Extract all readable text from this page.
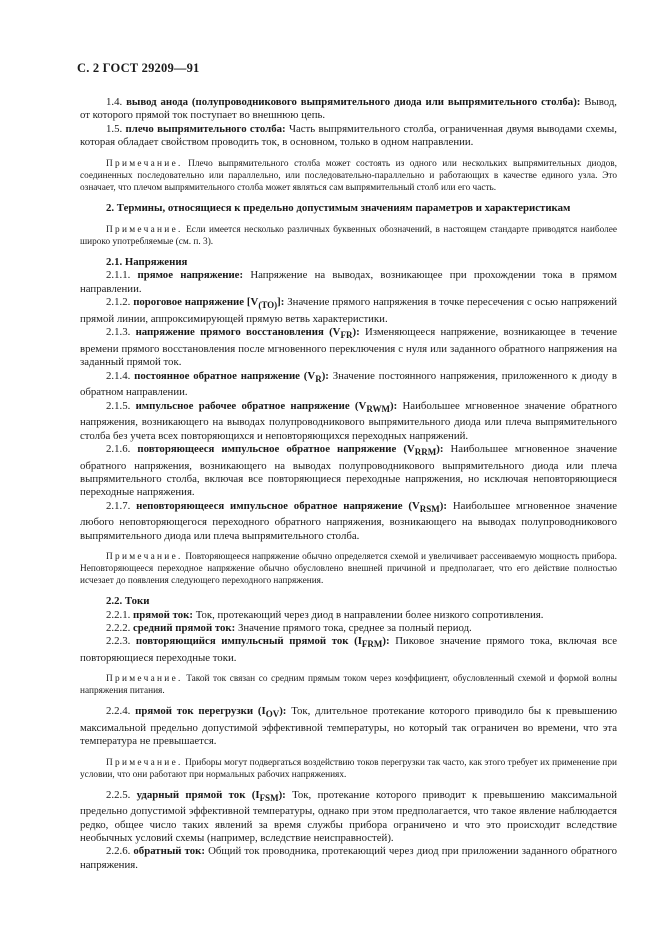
С. 2 ГОСТ 29209—91

1.4. вывод анода (полупроводникового выпрямительного диода или выпрямительного столба): Вывод, от которого прямой ток поступает во внешнюю цепь.

1.5. плечо выпрямительного столба: Часть выпрямительного столба, ограниченная двумя выводами схемы, которая обладает свойством проводить ток, в основном, только в одном направлении.

Примечание. Плечо выпрямительного столба может состоять из одного или нескольких выпрямительных диодов, соединенных последовательно или параллельно, или последовательно-параллельно и работающих в качестве единого узла. Это означает, что плечом выпрямительного столба может являться сам выпрямительный столб или его часть.

2. Термины, относящиеся к предельно допустимым значениям параметров и характеристикам

Примечание. Если имеется несколько различных буквенных обозначений, в настоящем стандарте приводятся наиболее широко употребляемые (см. п. 3).

2.1. Напряжения

2.1.1. прямое напряжение: Напряжение на выводах, возникающее при прохождении тока в прямом направлении.

2.1.2. пороговое напряжение $[V_{(TO)}]$: Значение прямого напряжения в точке пересечения с осью напряжений прямой линии, аппроксимирующей прямую ветвь характеристики.

2.1.3. напряжение прямого восстановления $(V_{FR})$: Изменяющееся напряжение, возникающее в течение времени прямого восстановления после мгновенного переключения с нуля или заданного обратного напряжения на заданный прямой ток.

2.1.4. постоянное обратное напряжение $(V_R)$: Значение постоянного напряжения, приложенного к диоду в обратном направлении.

2.1.5. импульсное рабочее обратное напряжение $(V_{RWM})$: Наибольшее мгновенное значение обратного напряжения, возникающего на выводах полупроводникового выпрямительного диода или плеча выпрямительного столба без учета всех повторяющихся и неповторяющихся переходных напряжений.

2.1.6. повторяющееся импульсное обратное напряжение $(V_{RRM})$: Наибольшее мгновенное значение обратного напряжения, возникающего на выводах полупроводникового выпрямительного диода или плеча выпрямительного столба, включая все повторяющиеся переходные напряжения, но исключая неповторяющиеся переходные напряжения.

2.1.7. неповторяющееся импульсное обратное напряжение $(V_{RSM})$: Наибольшее мгновенное значение любого неповторяющегося переходного обратного напряжения, возникающего на выводах полупроводникового выпрямительного диода или плеча выпрямительного столба.

Примечание. Повторяющееся напряжение обычно определяется схемой и увеличивает рассеиваемую мощность прибора. Неповторяющееся переходное напряжение обычно обусловлено внешней причиной и предполагает, что его действие полностью исчезает до появления следующего переходного напряжения.

2.2. Токи

2.2.1. прямой ток: Ток, протекающий через диод в направлении более низкого сопротивления.

2.2.2. средний прямой ток: Значение прямого тока, среднее за полный период.

2.2.3. повторяющийся импульсный прямой ток $(I_{FRM})$: Пиковое значение прямого тока, включая все повторяющиеся переходные токи.

Примечание. Такой ток связан со средним прямым током через коэффициент, обусловленный схемой и формой волны напряжения питания.

2.2.4. прямой ток перегрузки $(I_{OV})$: Ток, длительное протекание которого приводило бы к превышению максимальной предельно допустимой эффективной температуры, но который так ограничен во времени, что эта температура не превышается.

Примечание. Приборы могут подвергаться воздействию токов перегрузки так часто, как этого требует их применение при условии, что они работают при нормальных рабочих напряжениях.

2.2.5. ударный прямой ток $(I_{FSM})$: Ток, протекание которого приводит к превышению максимальной предельно допустимой эффективной температуры, однако при этом предполагается, что такое явление наблюдается редко, общее число таких явлений за время службы прибора ограничено и что это происходит вследствие необычных условий схемы (например, вследствие неисправностей).

2.2.6. обратный ток: Общий ток проводника, протекающий через диод при приложении заданного обратного напряжения.
